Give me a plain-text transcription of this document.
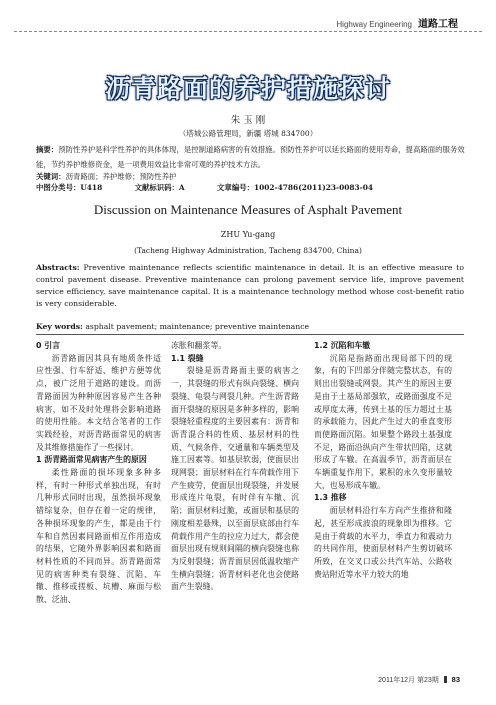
Highway Engineering 道路工程
沥青路面的养护措施探讨
朱 玉 刚
（塔城公路管理局，新疆 塔城 834700）
摘要：预防性养护是科学性养护的具体体现，是控制道路病害的有效措施。预防性养护可以延长路面的使用寿命，提高路面的服务效能，节约养护维修资金，是一项费用效益比非常可观的养护技术方法。
关键词：沥青路面；养护维修；预防性养护
中图分类号：U418	文献标识码：A	文章编号：1002-4786(2011)23-0083-04
Discussion on Maintenance Measures of Asphalt Pavement
ZHU Yu-gang
(Tacheng Highway Administration, Tacheng 834700, China)
Abstracts: Preventive maintenance reflects scientific maintenance in detail. It is an effective measure to control pavement disease. Preventive maintenance can prolong pavement service life, improve pavement service efficiency, save maintenance capital. It is a maintenance technology method whose cost-benefit ratio is very considerable.
Key words: asphalt pavement; maintenance; preventive maintenance
0 引言

沥青路面因其具有地质条件适应性强、行车舒适、维护方便等优点，被广泛用于道路的建设。而沥青路面因为种种原因容易产生各种病害，如不及时处理将会影响道路的使用性能。本文结合笔者的工作实践经验，对沥青路面常见的病害及其维修措施作了一些探讨。

1 沥青路面常见病害产生的原因

柔性路面的损坏现象多种多样，有时一种形式单独出现，有时几种形式同时出现，虽然损坏现象错综复杂，但存在着一定的规律，各种损坏现象的产生，都是由于行车和自然因素同路面相互作用造成的结果，它随外界影响因素和路面材料性质的不同而异。沥青路面常见的病害种类有裂缝、沉陷、车辙、推移或搓板、坑槽、麻面与松散、泛油、

冻胀和翻浆等。

1.1 裂缝

裂缝是沥青路面主要的病害之一，其裂缝的形式有纵向裂缝、横向裂缝、龟裂与网裂几种。产生沥青路面开裂缝的原因是多种多样的，影响裂缝轻重程度的主要因素有：沥青和沥青混合料的性质、基层材料的性质、气候条件、交通量和车辆类型及施工因素等。如基层软弱，使面层出现网裂；面层材料在行车荷载作用下产生疲劳，使面层出现裂缝，并发展形成连片龟裂，有时伴有车辙、沉陷；面层材料过脆，或面层和基层的刚度相差悬殊，以至面层底部由行车荷载作用产生的拉应力过大，都会使面层出现有规则间隔的横向裂缝也称为反射裂缝；沥青面层因低温收缩产生横向裂缝；沥青材料老化也会使路面产生裂缝。

1.2 沉陷和车辙

沉陷是指路面出现局部下凹的现象，有的下凹部分伴随完整状态，有的则出出裂缝或网裂。其产生的原因主要是由于土基局部强软，或路面强度不足或厚度太薄，传到土基的压力超过土基的承载能力，因此产生过大的垂直变形而使路面沉陷。如果整个路段土基强度不足，路面沿纵向产生带状凹陷，这就形成了车辙。在高温季节，沥青面层在车辆重复作用下，累积的永久变形量较大，也易形成车辙。

1.3 推移

面层材料沿行车方向产生推挤和隆起，甚至形成波浪的现象即为推移。它是由于荷载的水平力，季直力和震动力的共同作用，使面层材料产生剪切破坏所致，在交叉口或公共汽车站、公路收费站附近等水平力较大的地

2011年12月 第23期 83
